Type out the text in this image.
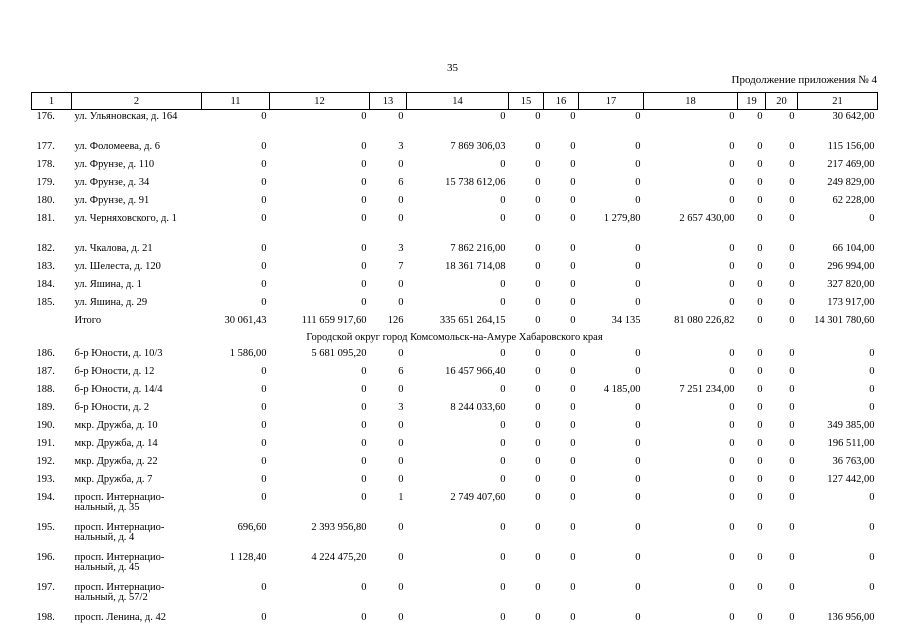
35
Продолжение приложения № 4
1	2	11	12	13	14	15	16	17	18	19	20	21
176.	ул. Ульяновская, д. 164	0	0	0	0	0	0	0	0	0	0	30 642,00
177.	ул. Фоломеева, д. 6	0	0	3	7 869 306,03	0	0	0	0	0	0	115 156,00
178.	ул. Фрунзе, д. 110	0	0	0	0	0	0	0	0	0	0	217 469,00
179.	ул. Фрунзе, д. 34	0	0	6	15 738 612,06	0	0	0	0	0	0	249 829,00
180.	ул. Фрунзе, д. 91	0	0	0	0	0	0	0	0	0	0	62 228,00
181.	ул. Черняховского, д. 1	0	0	0	0	0	0	1 279,80	2 657 430,00	0	0	0
182.	ул. Чкалова, д. 21	0	0	3	7 862 216,00	0	0	0	0	0	0	66 104,00
183.	ул. Шелеста, д. 120	0	0	7	18 361 714,08	0	0	0	0	0	0	296 994,00
184.	ул. Яшина, д. 1	0	0	0	0	0	0	0	0	0	0	327 820,00
185.	ул. Яшина, д. 29	0	0	0	0	0	0	0	0	0	0	173 917,00
	Итого	30 061,43	111 659 917,60	126	335 651 264,15	0	0	34 135	81 080 226,82	0	0	14 301 780,60
Городской округ город Комсомольск-на-Амуре Хабаровского края												
186.	б-р Юности, д. 10/3	1 586,00	5 681 095,20	0	0	0	0	0	0	0	0	0
187.	б-р Юности, д. 12	0	0	6	16 457 966,40	0	0	0	0	0	0	0
188.	б-р Юности, д. 14/4	0	0	0	0	0	0	4 185,00	7 251 234,00	0	0	0
189.	б-р Юности, д. 2	0	0	3	8 244 033,60	0	0	0	0	0	0	0
190.	мкр. Дружба, д. 10	0	0	0	0	0	0	0	0	0	0	349 385,00
191.	мкр. Дружба, д. 14	0	0	0	0	0	0	0	0	0	0	196 511,00
192.	мкр. Дружба, д. 22	0	0	0	0	0	0	0	0	0	0	36 763,00
193.	мкр. Дружба, д. 7	0	0	0	0	0	0	0	0	0	0	127 442,00
194.	просп. Интернацио-нальный, д. 35	0	0	1	2 749 407,60	0	0	0	0	0	0	0
195.	просп. Интернацио-нальный, д. 4	696,60	2 393 956,80	0	0	0	0	0	0	0	0	0
196.	просп. Интернацио-нальный, д. 45	1 128,40	4 224 475,20	0	0	0	0	0	0	0	0	0
197.	просп. Интернацио-нальный, д. 57/2	0	0	0	0	0	0	0	0	0	0	0
198.	просп. Ленина, д. 42	0	0	0	0	0	0	0	0	0	0	136 956,00
